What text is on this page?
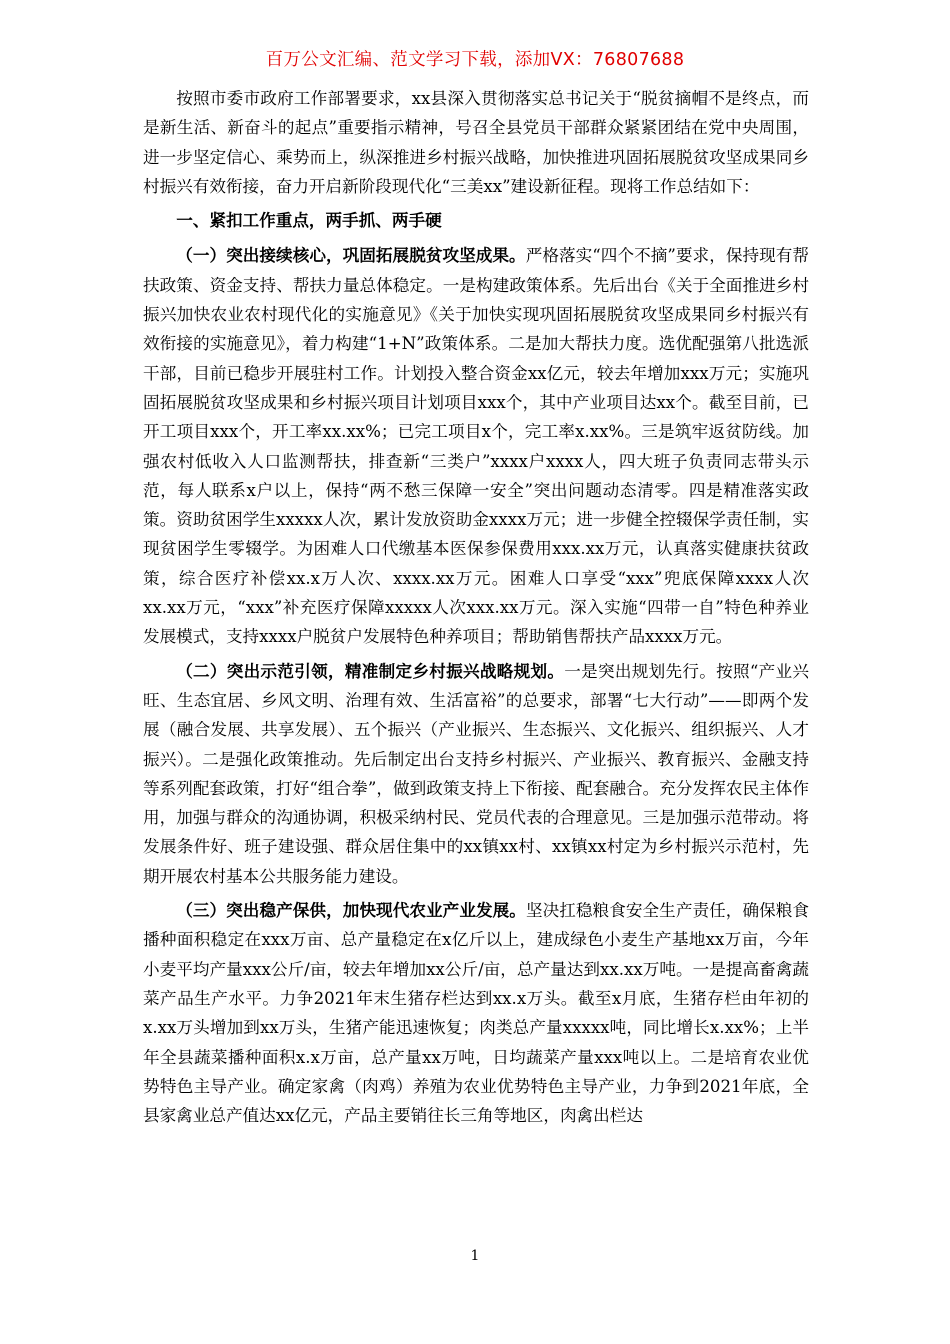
百万公文汇编、范文学习下载，添加VX：76807688

按照市委市政府工作部署要求，xx县深入贯彻落实总书记关于“脱贫摘帽不是终点，而是新生活、新奋斗的起点”重要指示精神，号召全县党员干部群众紧紧团结在党中央周围，进一步坚定信心、乘势而上，纵深推进乡村振兴战略，加快推进巩固拓展脱贫攻坚成果同乡村振兴有效衔接，奋力开启新阶段现代化“三美xx”建设新征程。现将工作总结如下：

一、紧扣工作重点，两手抓、两手硬

（一）突出接续核心，巩固拓展脱贫攻坚成果。严格落实“四个不摘”要求，保持现有帮扶政策、资金支持、帮扶力量总体稳定。一是构建政策体系。先后出台《关于全面推进乡村振兴加快农业农村现代化的实施意见》《关于加快实现巩固拓展脱贫攻坚成果同乡村振兴有效衔接的实施意见》，着力构建“1+N”政策体系。二是加大帮扶力度。选优配强第八批选派干部，目前已稳步开展驻村工作。计划投入整合资金xx亿元，较去年增加xxx万元；实施巩固拓展脱贫攻坚成果和乡村振兴项目计划项目xxx个，其中产业项目达xx个。截至目前，已开工项目xxx个，开工率xx.xx%；已完工项目x个，完工率x.xx%。三是筑牢返贫防线。加强农村低收入人口监测帮扶，排查新“三类户”xxxx户xxxx人，四大班子负责同志带头示范，每人联系x户以上，保持“两不愁三保障一安全”突出问题动态清零。四是精准落实政策。资助贫困学生xxxxx人次，累计发放资助金xxxx万元；进一步健全控辍保学责任制，实现贫困学生零辍学。为困难人口代缴基本医保参保费用xxx.xx万元，认真落实健康扶贫政策，综合医疗补偿xx.x万人次、xxxx.xx万元。困难人口享受“xxx”兜底保障xxxx人次xx.xx万元，“xxx”补充医疗保障xxxxx人次xxx.xx万元。深入实施“四带一自”特色种养业发展模式，支持xxxx户脱贫户发展特色种养项目；帮助销售帮扶产品xxxx万元。

（二）突出示范引领，精准制定乡村振兴战略规划。一是突出规划先行。按照“产业兴旺、生态宜居、乡风文明、治理有效、生活富裕”的总要求，部署“七大行动”——即两个发展（融合发展、共享发展）、五个振兴（产业振兴、生态振兴、文化振兴、组织振兴、人才振兴）。二是强化政策推动。先后制定出台支持乡村振兴、产业振兴、教育振兴、金融支持等系列配套政策，打好“组合拳”，做到政策支持上下衔接、配套融合。充分发挥农民主体作用，加强与群众的沟通协调，积极采纳村民、党员代表的合理意见。三是加强示范带动。将发展条件好、班子建设强、群众居住集中的xx镇xx村、xx镇xx村定为乡村振兴示范村，先期开展农村基本公共服务能力建设。

（三）突出稳产保供，加快现代农业产业发展。坚决扛稳粮食安全生产责任，确保粮食播种面积稳定在xxx万亩、总产量稳定在x亿斤以上，建成绿色小麦生产基地xx万亩，今年小麦平均产量xxx公斤/亩，较去年增加xx公斤/亩，总产量达到xx.xx万吨。一是提高畜禽蔬菜产品生产水平。力争2021年末生猪存栏达到xx.x万头。截至x月底，生猪存栏由年初的x.xx万头增加到xx万头，生猪产能迅速恢复；肉类总产量xxxxx吨，同比增长x.xx%；上半年全县蔬菜播种面积x.x万亩，总产量xx万吨，日均蔬菜产量xxx吨以上。二是培育农业优势特色主导产业。确定家禽（肉鸡）养殖为农业优势特色主导产业，力争到2021年底，全县家禽业总产值达xx亿元，产品主要销往长三角等地区，肉禽出栏达

1
